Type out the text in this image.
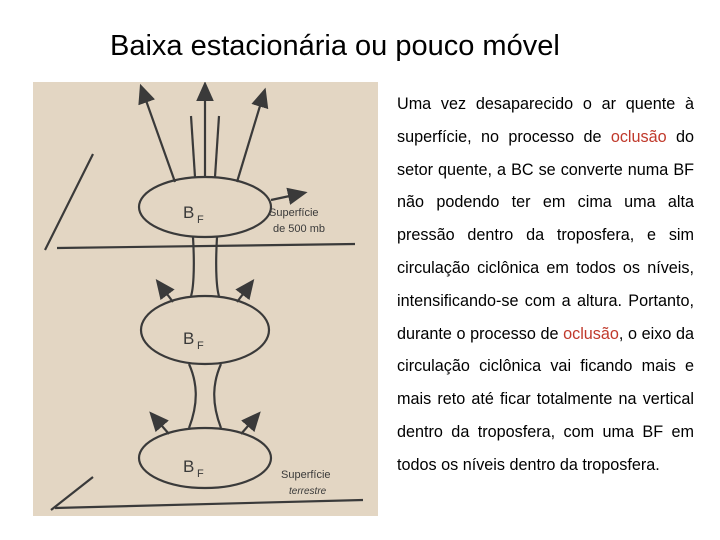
Baixa estacionária ou pouco móvel
B F
B F
B F
Superfície
de 500 mb
Superfície
terrestre
Uma vez desaparecido o ar quente à superfície, no processo de oclusão do setor quente, a BC se converte numa BF não podendo ter em cima uma alta pressão dentro da troposfera, e sim circulação ciclônica em todos os níveis, intensificando-se com a altura. Portanto, durante o processo de oclusão, o eixo da circulação ciclônica vai ficando mais e mais reto até ficar totalmente na vertical dentro da troposfera, com uma BF em todos os níveis dentro da troposfera.
